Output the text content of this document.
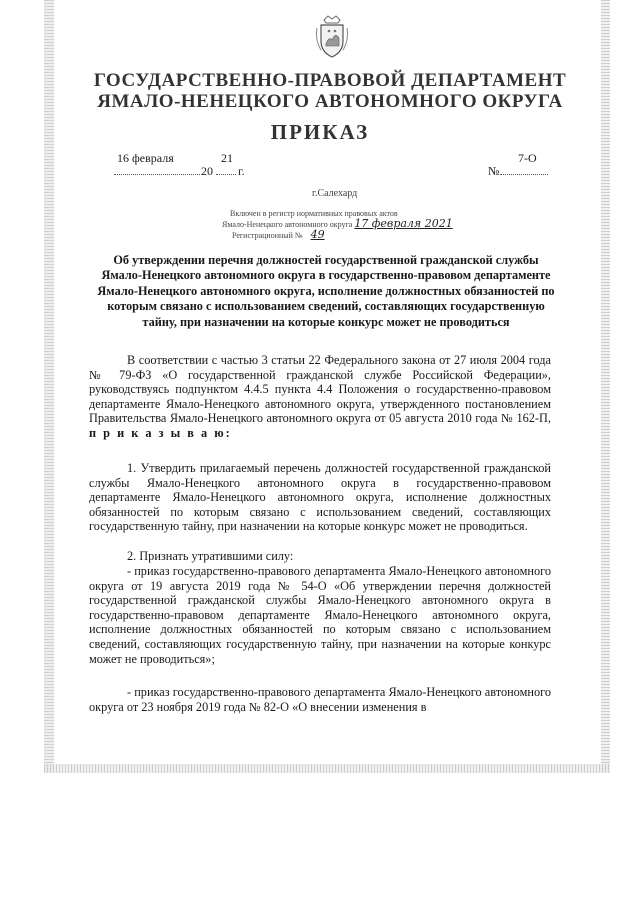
ГОСУДАРСТВЕННО-ПРАВОВОЙ ДЕПАРТАМЕНТ
ЯМАЛО-НЕНЕЦКОГО АВТОНОМНОГО ОКРУГА
ПРИКАЗ
16 февраля	21
20 г.	№
7-О
г.Салехард
Включен в регистр нормативных правовых актов
Ямало-Ненецкого автономного округа 17 февраля 2021
Регистрационный № 49
Об утверждении перечня должностей государственной гражданской службы Ямало-Ненецкого автономного округа в государственно-правовом департаменте Ямало-Ненецкого автономного округа, исполнение должностных обязанностей по которым связано с использованием сведений, составляющих государственную тайну, при назначении на которые конкурс может не проводиться
В соответствии с частью 3 статьи 22 Федерального закона от 27 июля 2004 года № 79-ФЗ «О государственной гражданской службе Российской Федерации», руководствуясь подпунктом 4.4.5 пункта 4.4 Положения о государственно-правовом департаменте Ямало-Ненецкого автономного округа, утвержденного постановлением Правительства Ямало-Ненецкого автономного округа от 05 августа 2010 года № 162-П, п р и к а з ы в а ю:
1. Утвердить прилагаемый перечень должностей государственной гражданской службы Ямало-Ненецкого автономного округа в государственно-правовом департаменте Ямало-Ненецкого автономного округа, исполнение должностных обязанностей по которым связано с использованием сведений, составляющих государственную тайну, при назначении на которые конкурс может не проводиться.
2. Признать утратившими силу:
- приказ государственно-правового департамента Ямало-Ненецкого автономного округа от 19 августа 2019 года № 54-О «Об утверждении перечня должностей государственной гражданской службы Ямало-Ненецкого автономного округа в государственно-правовом департаменте Ямало-Ненецкого автономного округа, исполнение должностных обязанностей по которым связано с использованием сведений, составляющих государственную тайну, при назначении на которые конкурс может не проводиться»;
- приказ государственно-правового департамента Ямало-Ненецкого автономного округа от 23 ноября 2019 года № 82-О «О внесении изменения в
